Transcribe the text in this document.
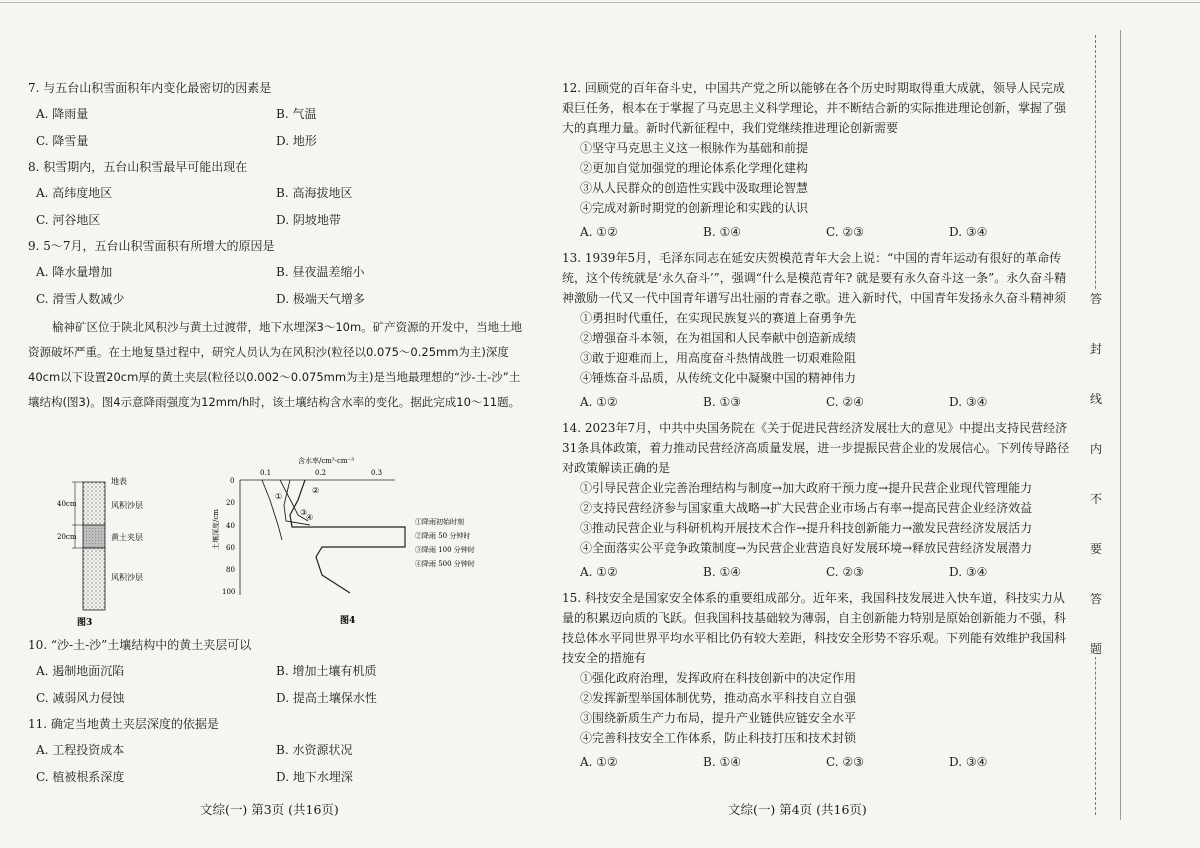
7. 与五台山积雪面积年内变化最密切的因素是
A. 降雨量	B. 气温
C. 降雪量	D. 地形
8. 积雪期内，五台山积雪最早可能出现在
A. 高纬度地区	B. 高海拔地区
C. 河谷地区	D. 阴坡地带
9. 5～7月，五台山积雪面积有所增大的原因是
A. 降水量增加	B. 昼夜温差缩小
C. 滑雪人数减少	D. 极端天气增多
榆神矿区位于陕北风积沙与黄土过渡带，地下水埋深3～10m。矿产资源的开发中，当地土地资源破坏严重。在土地复垦过程中，研究人员认为在风积沙(粒径以0.075～0.25mm为主)深度40cm以下设置20cm厚的黄土夹层(粒径以0.002～0.075mm为主)是当地最理想的“沙-土-沙”土壤结构(图3)。图4示意降雨强度为12mm/h时，该土壤结构含水率的变化。据此完成10～11题。
40cm
20cm
地表
风积沙层
黄土夹层
风积沙层
图3
含水率/cm³·cm⁻³
0.1	0.2	0.3
0
20
40
60
80
100
土壤深度/cm
①
②
③
④	①降雨初始时刻
②降雨 50 分钟时
③降雨 100 分钟时
④降雨 500 分钟时
图4
10. “沙-土-沙”土壤结构中的黄土夹层可以
A. 遏制地面沉陷	B. 增加土壤有机质
C. 减弱风力侵蚀	D. 提高土壤保水性
11. 确定当地黄土夹层深度的依据是
A. 工程投资成本	B. 水资源状况
C. 植被根系深度	D. 地下水埋深
文综(一) 第3页 (共16页)
12. 回顾党的百年奋斗史，中国共产党之所以能够在各个历史时期取得重大成就，领导人民完成艰巨任务，根本在于掌握了马克思主义科学理论，并不断结合新的实际推进理论创新，掌握了强大的真理力量。新时代新征程中，我们党继续推进理论创新需要
①坚守马克思主义这一根脉作为基础和前提
②更加自觉加强党的理论体系化学理化建构
③从人民群众的创造性实践中汲取理论智慧
④完成对新时期党的创新理论和实践的认识
A. ①②	B. ①④	C. ②③	D. ③④
13. 1939年5月，毛泽东同志在延安庆贺模范青年大会上说：“中国的青年运动有很好的革命传统，这个传统就是‘永久奋斗’”，强调“什么是模范青年? 就是要有永久奋斗这一条”。永久奋斗精神激励一代又一代中国青年谱写出壮丽的青春之歌。进入新时代，中国青年发扬永久奋斗精神须
①勇担时代重任，在实现民族复兴的赛道上奋勇争先
②增强奋斗本领，在为祖国和人民奉献中创造新成绩
③敢于迎难而上，用高度奋斗热情战胜一切艰难险阻
④锤炼奋斗品质，从传统文化中凝聚中国的精神伟力
A. ①②	B. ①③	C. ②④	D. ③④
14. 2023年7月，中共中央国务院在《关于促进民营经济发展壮大的意见》中提出支持民营经济31条具体政策，着力推动民营经济高质量发展，进一步提振民营企业的发展信心。下列传导路径对政策解读正确的是
①引导民营企业完善治理结构与制度→加大政府干预力度→提升民营企业现代管理能力
②支持民营经济参与国家重大战略→扩大民营企业市场占有率→提高民营企业经济效益
③推动民营企业与科研机构开展技术合作→提升科技创新能力→激发民营经济发展活力
④全面落实公平竞争政策制度→为民营企业营造良好发展环境→释放民营经济发展潜力
A. ①②	B. ①④	C. ②③	D. ③④
15. 科技安全是国家安全体系的重要组成部分。近年来，我国科技发展进入快车道，科技实力从量的积累迈向质的飞跃。但我国科技基础较为薄弱，自主创新能力特别是原始创新能力不强，科技总体水平同世界平均水平相比仍有较大差距，科技安全形势不容乐观。下列能有效维护我国科技安全的措施有
①强化政府治理，发挥政府在科技创新中的决定作用
②发挥新型举国体制优势，推动高水平科技自立自强
③围绕新质生产力布局，提升产业链供应链安全水平
④完善科技安全工作体系，防止科技打压和技术封锁
A. ①②	B. ①④	C. ②③	D. ③④
文综(一) 第4页 (共16页)
答
封
线
内
不
要
答
题
